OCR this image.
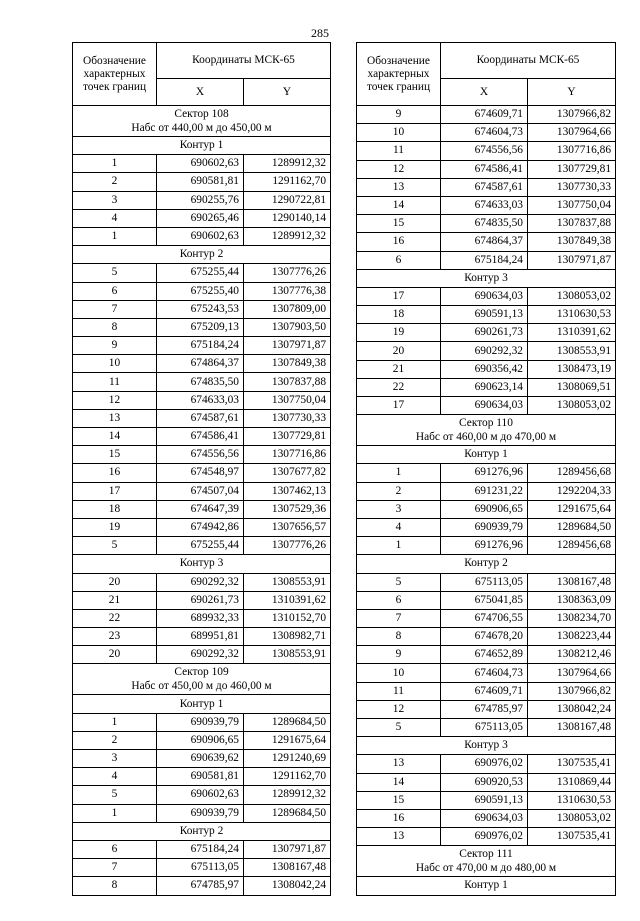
285
Обозначение характерных точек границ	Координаты МСК-65	
	X	Y

Сектор 108
Набс от 440,00 м до 450,00 м		

Контур 1		
1	690602,63	1289912,32
2	690581,81	1291162,70
3	690255,76	1290722,81
4	690265,46	1290140,14
1	690602,63	1289912,32
Контур 2		
5	675255,44	1307776,26
6	675255,40	1307776,38
7	675243,53	1307809,00
8	675209,13	1307903,50
9	675184,24	1307971,87
10	674864,37	1307849,38
11	674835,50	1307837,88
12	674633,03	1307750,04
13	674587,61	1307730,33
14	674586,41	1307729,81
15	674556,56	1307716,86
16	674548,97	1307677,82
17	674507,04	1307462,13
18	674647,39	1307529,36
19	674942,86	1307656,57
5	675255,44	1307776,26
Контур 3		
20	690292,32	1308553,91
21	690261,73	1310391,62
22	689932,33	1310152,70
23	689951,81	1308982,71
20	690292,32	1308553,91

Сектор 109
Набс от 450,00 м до 460,00 м		

Контур 1		
1	690939,79	1289684,50
2	690906,65	1291675,64
3	690639,62	1291240,69
4	690581,81	1291162,70
5	690602,63	1289912,32
1	690939,79	1289684,50
Контур 2		
6	675184,24	1307971,87
7	675113,05	1308167,48
8	674785,97	1308042,24
Обозначение характерных точек границ	Координаты МСК-65	
	X	Y
9	674609,71	1307966,82
10	674604,73	1307964,66
11	674556,56	1307716,86
12	674586,41	1307729,81
13	674587,61	1307730,33
14	674633,03	1307750,04
15	674835,50	1307837,88
16	674864,37	1307849,38
6	675184,24	1307971,87
Контур 3		
17	690634,03	1308053,02
18	690591,13	1310630,53
19	690261,73	1310391,62
20	690292,32	1308553,91
21	690356,42	1308473,19
22	690623,14	1308069,51
17	690634,03	1308053,02

Сектор 110
Набс от 460,00 м до 470,00 м		

Контур 1		
1	691276,96	1289456,68
2	691231,22	1292204,33
3	690906,65	1291675,64
4	690939,79	1289684,50
1	691276,96	1289456,68
Контур 2		
5	675113,05	1308167,48
6	675041,85	1308363,09
7	674706,55	1308234,70
8	674678,20	1308223,44
9	674652,89	1308212,46
10	674604,73	1307964,66
11	674609,71	1307966,82
12	674785,97	1308042,24
5	675113,05	1308167,48
Контур 3		
13	690976,02	1307535,41
14	690920,53	1310869,44
15	690591,13	1310630,53
16	690634,03	1308053,02
13	690976,02	1307535,41

Сектор 111
Набс от 470,00 м до 480,00 м		

Контур 1		
